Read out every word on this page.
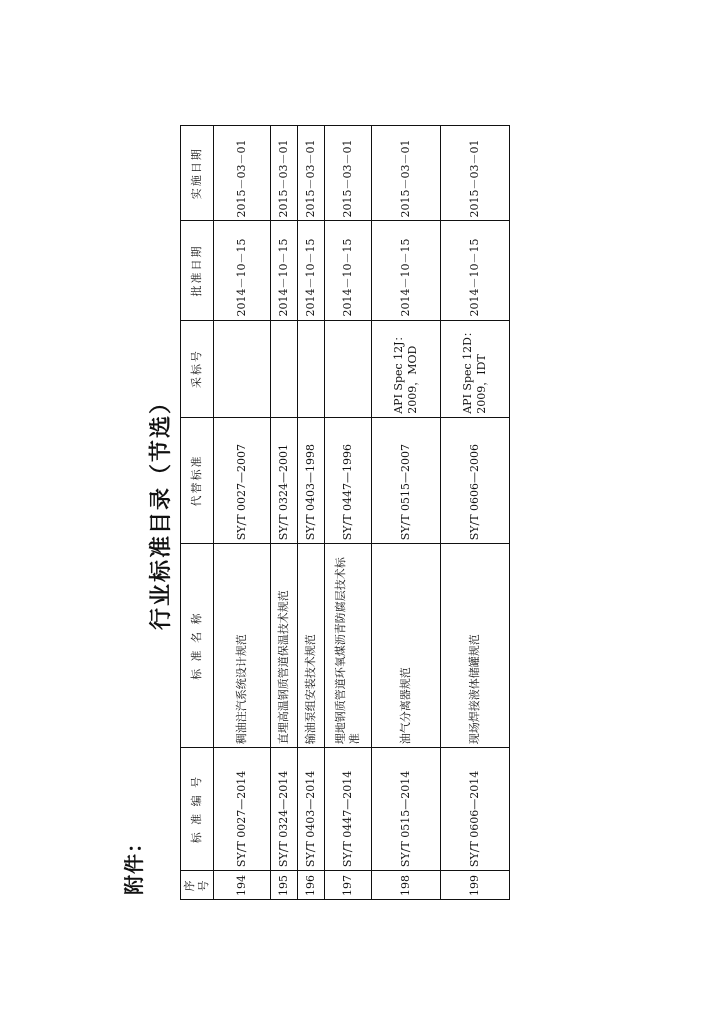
附件：
行业标准目录（节选）
序号	标 准 编 号	标 准 名 称	代替标准	采标号	批准日期	实施日期
194	SY/T 0027—2014	稠油注汽系统设计规范	SY/T 0027—2007		2014－10－15	2015－03－01
195	SY/T 0324—2014	直埋高温钢质管道保温技术规范	SY/T 0324—2001		2014－10－15	2015－03－01
196	SY/T 0403—2014	输油泵组安装技术规范	SY/T 0403—1998		2014－10－15	2015－03－01
197	SY/T 0447—2014	埋地钢质管道环氧煤沥青防腐层技术标准	SY/T 0447—1996		2014－10－15	2015－03－01
198	SY/T 0515—2014	油气分离器规范	SY/T 0515—2007	API Spec 12J：2009，MOD	2014－10－15	2015－03－01
199	SY/T 0606—2014	现场焊接液体储罐规范	SY/T 0606—2006	API Spec 12D：2009，IDT	2014－10－15	2015－03－01
